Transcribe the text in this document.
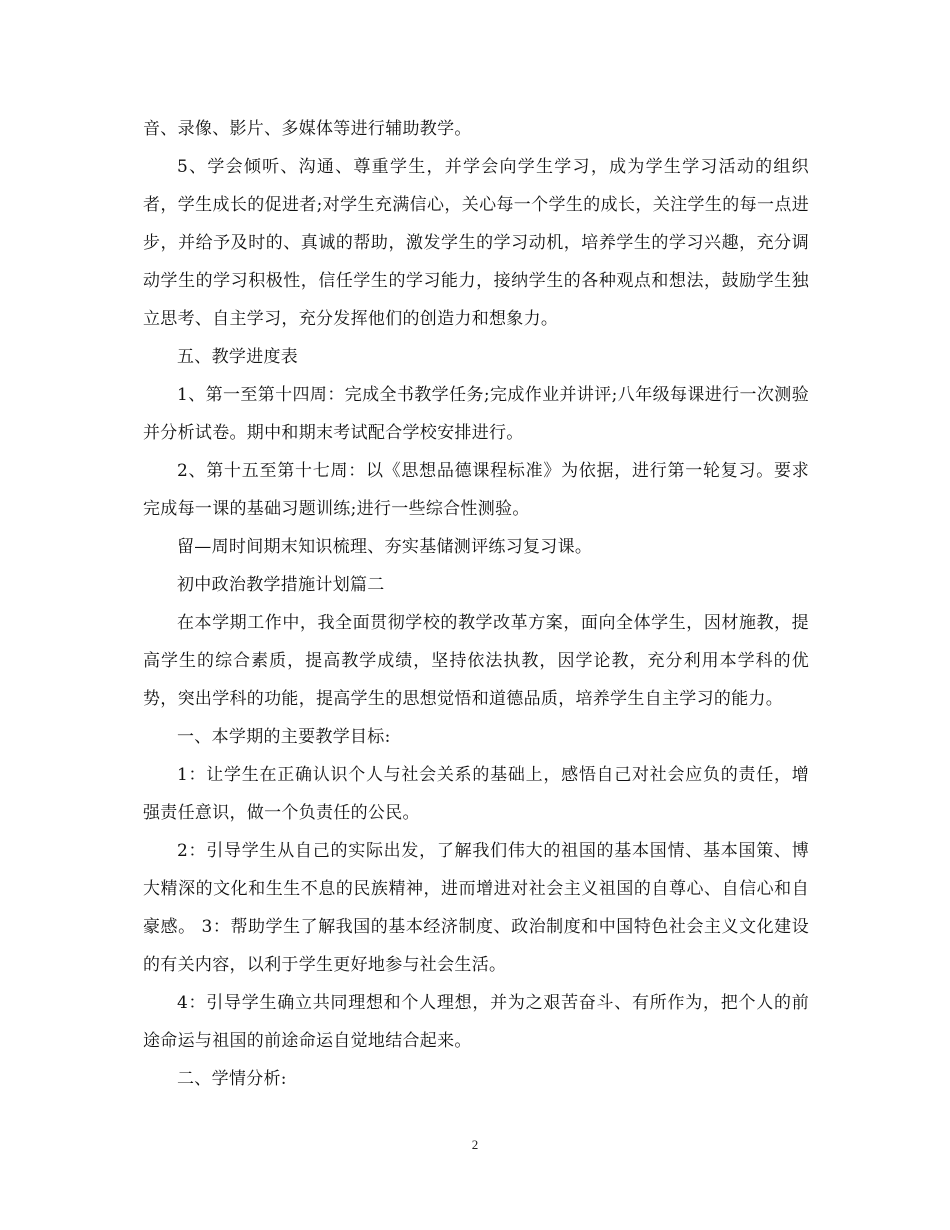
音、录像、影片、多媒体等进行辅助教学。

5、学会倾听、沟通、尊重学生，并学会向学生学习，成为学生学习活动的组织者，学生成长的促进者;对学生充满信心，关心每一个学生的成长，关注学生的每一点进步，并给予及时的、真诚的帮助，激发学生的学习动机，培养学生的学习兴趣，充分调动学生的学习积极性，信任学生的学习能力，接纳学生的各种观点和想法，鼓励学生独立思考、自主学习，充分发挥他们的创造力和想象力。

五、教学进度表

1、第一至第十四周：完成全书教学任务;完成作业并讲评;八年级每课进行一次测验并分析试卷。期中和期末考试配合学校安排进行。

2、第十五至第十七周：以《思想品德课程标准》为依据，进行第一轮复习。要求完成每一课的基础习题训练;进行一些综合性测验。

留—周时间期末知识梳理、夯实基储测评练习复习课。

初中政治教学措施计划篇二

在本学期工作中，我全面贯彻学校的教学改革方案，面向全体学生，因材施教，提高学生的综合素质，提高教学成绩，坚持依法执教，因学论教，充分利用本学科的优势，突出学科的功能，提高学生的思想觉悟和道德品质，培养学生自主学习的能力。

一、本学期的主要教学目标:

1：让学生在正确认识个人与社会关系的基础上，感悟自己对社会应负的责任，增强责任意识，做一个负责任的公民。

2：引导学生从自己的实际出发，了解我们伟大的祖国的基本国情、基本国策、博大精深的文化和生生不息的民族精神，进而增进对社会主义祖国的自尊心、自信心和自豪感。 3：帮助学生了解我国的基本经济制度、政治制度和中国特色社会主义文化建设的有关内容，以利于学生更好地参与社会生活。

4：引导学生确立共同理想和个人理想，并为之艰苦奋斗、有所作为，把个人的前途命运与祖国的前途命运自觉地结合起来。

二、学情分析:

2
